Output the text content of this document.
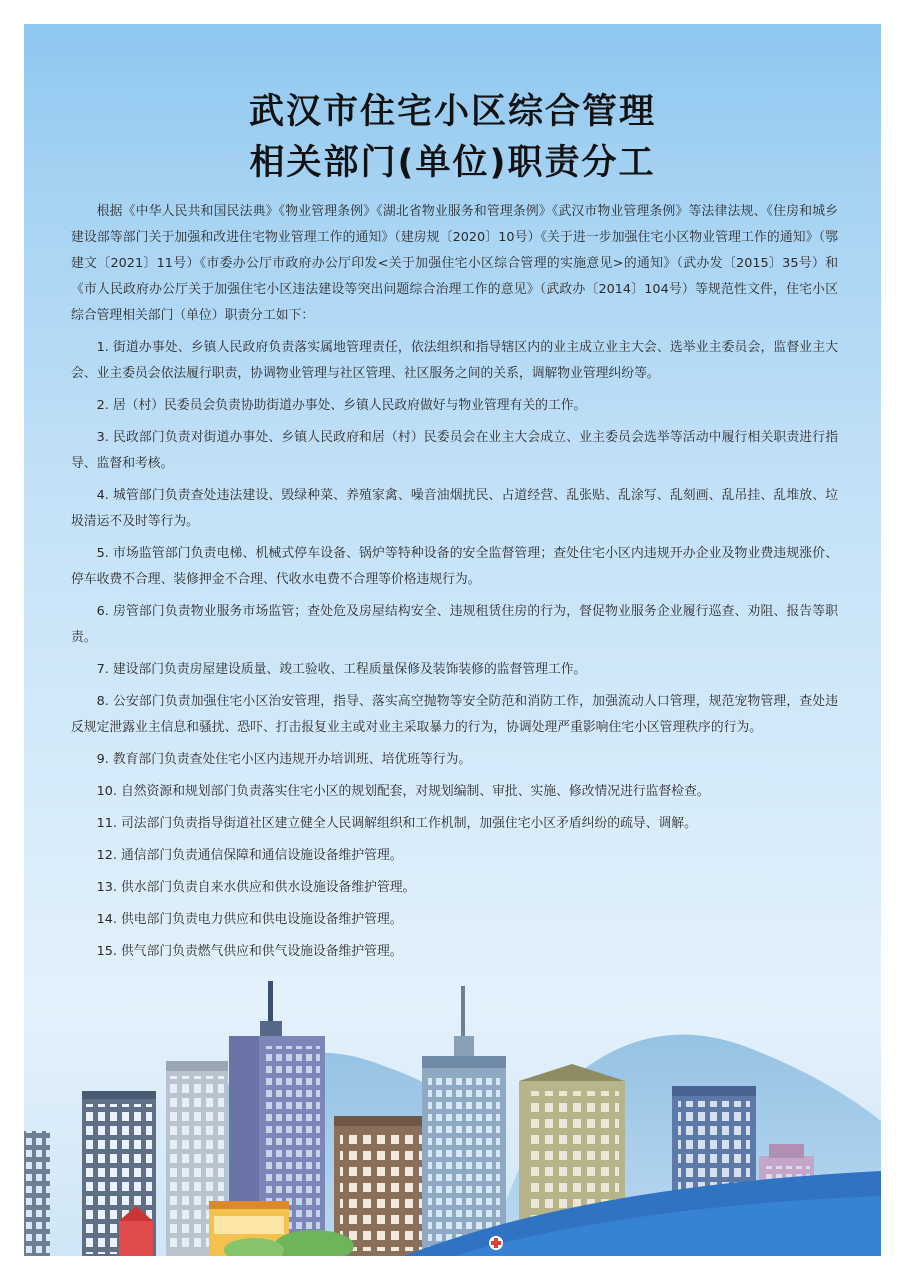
武汉市住宅小区综合管理
相关部门(单位)职责分工

根据《中华人民共和国民法典》《物业管理条例》《湖北省物业服务和管理条例》《武汉市物业管理条例》等法律法规、《住房和城乡建设部等部门关于加强和改进住宅物业管理工作的通知》（建房规〔2020〕10号）《关于进一步加强住宅小区物业管理工作的通知》（鄂建文〔2021〕11号）《市委办公厅市政府办公厅印发<关于加强住宅小区综合管理的实施意见>的通知》（武办发〔2015〕35号）和《市人民政府办公厅关于加强住宅小区违法建设等突出问题综合治理工作的意见》（武政办〔2014〕104号）等规范性文件，住宅小区综合管理相关部门（单位）职责分工如下：

1. 街道办事处、乡镇人民政府负责落实属地管理责任，依法组织和指导辖区内的业主成立业主大会、选举业主委员会，监督业主大会、业主委员会依法履行职责，协调物业管理与社区管理、社区服务之间的关系，调解物业管理纠纷等。

2. 居（村）民委员会负责协助街道办事处、乡镇人民政府做好与物业管理有关的工作。

3. 民政部门负责对街道办事处、乡镇人民政府和居（村）民委员会在业主大会成立、业主委员会选举等活动中履行相关职责进行指导、监督和考核。

4. 城管部门负责查处违法建设、毁绿种菜、养殖家禽、噪音油烟扰民、占道经营、乱张贴、乱涂写、乱刻画、乱吊挂、乱堆放、垃圾清运不及时等行为。

5. 市场监管部门负责电梯、机械式停车设备、锅炉等特种设备的安全监督管理；查处住宅小区内违规开办企业及物业费违规涨价、停车收费不合理、装修押金不合理、代收水电费不合理等价格违规行为。

6. 房管部门负责物业服务市场监管；查处危及房屋结构安全、违规租赁住房的行为，督促物业服务企业履行巡查、劝阻、报告等职责。

7. 建设部门负责房屋建设质量、竣工验收、工程质量保修及装饰装修的监督管理工作。

8. 公安部门负责加强住宅小区治安管理，指导、落实高空抛物等安全防范和消防工作，加强流动人口管理，规范宠物管理，查处违反规定泄露业主信息和骚扰、恐吓、打击报复业主或对业主采取暴力的行为，协调处理严重影响住宅小区管理秩序的行为。

9. 教育部门负责查处住宅小区内违规开办培训班、培优班等行为。

10. 自然资源和规划部门负责落实住宅小区的规划配套，对规划编制、审批、实施、修改情况进行监督检查。

11. 司法部门负责指导街道社区建立健全人民调解组织和工作机制，加强住宅小区矛盾纠纷的疏导、调解。

12. 通信部门负责通信保障和通信设施设备维护管理。

13. 供水部门负责自来水供应和供水设施设备维护管理。

14. 供电部门负责电力供应和供电设施设备维护管理。

15. 供气部门负责燃气供应和供气设施设备维护管理。
